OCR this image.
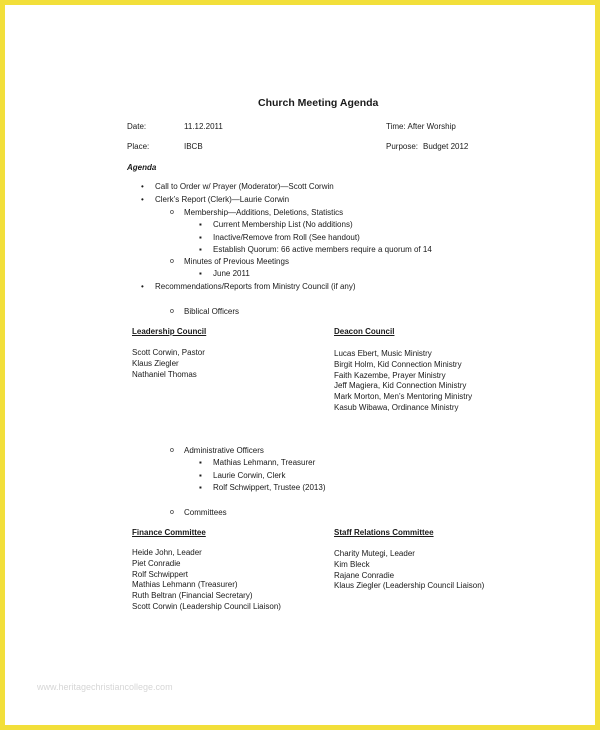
Church Meeting Agenda
Date:	11.12.2011	Time: After Worship
Place:	IBCB	Purpose: Budget 2012
Agenda
• Call to Order w/ Prayer (Moderator)—Scott Corwin
• Clerk’s Report (Clerk)—Laurie Corwin
o Membership—Additions, Deletions, Statistics
▪ Current Membership List (No additions)
▪ Inactive/Remove from Roll (See handout)
▪ Establish Quorum: 66 active members require a quorum of 14
o Minutes of Previous Meetings
▪ June 2011
• Recommendations/Reports from Ministry Council (if any)
o Biblical Officers
Leadership Council
Scott Corwin, Pastor
Klaus Ziegler
Nathaniel Thomas
Deacon Council
Lucas Ebert, Music Ministry
Birgit Holm, Kid Connection Ministry
Faith Kazembe, Prayer Ministry
Jeff Magiera, Kid Connection Ministry
Mark Morton, Men’s Mentoring Ministry
Kasub Wibawa, Ordinance Ministry
o Administrative Officers
▪ Mathias Lehmann, Treasurer
▪ Laurie Corwin, Clerk
▪ Rolf Schwippert, Trustee (2013)
o Committees
Finance Committee
Heide John, Leader
Piet Conradie
Rolf Schwippert
Mathias Lehmann (Treasurer)
Ruth Beltran (Financial Secretary)
Scott Corwin (Leadership Council Liaison)
Staff Relations Committee
Charity Mutegi, Leader
Kim Bleck
Rajane Conradie
Klaus Ziegler (Leadership Council Liaison)
www.heritagechristiancollege.com
